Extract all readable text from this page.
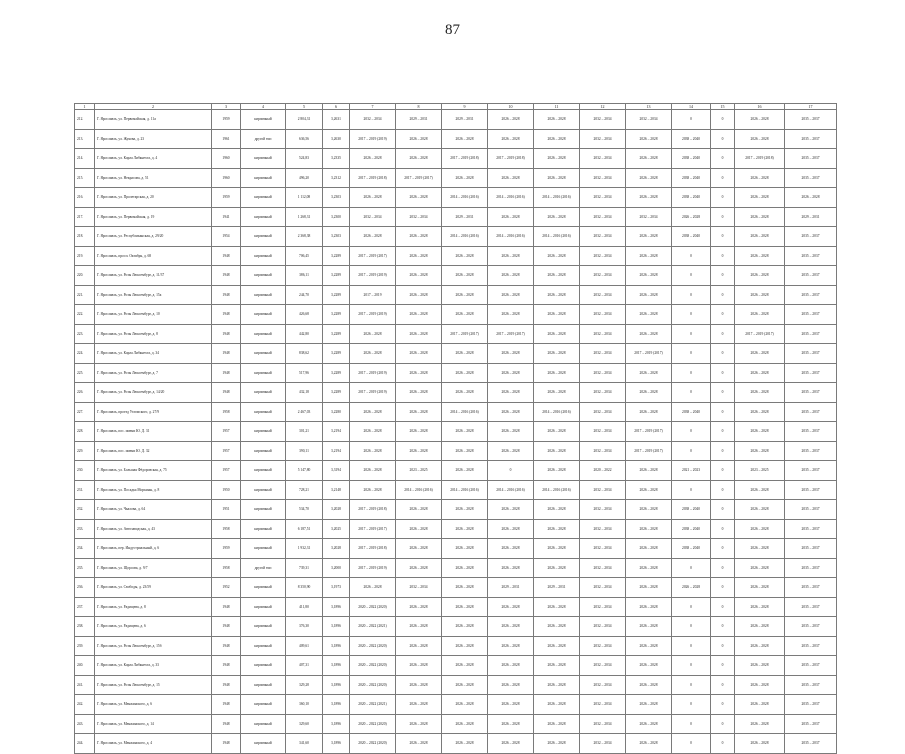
87
1	2	3	4	5	6	7	8	9	10	11	12	13	14	15	16	17
212.	Г. Ярославль, ул. Первомайская, д. 11а	1959	кирпичный	2 804,31	3,2631	2032 – 2034	2029 – 2031	2029 – 2031	2026 – 2028	2026 – 2028	2032 – 2034	2032 – 2034	0	0	2026 – 2028	2035 – 2037
213.	Г. Ярославль, ул. Жукова, д. 23	1961	другой тип	636,56	3,2630	2017 – 2019 (2019)	2026 – 2028	2026 – 2028	2026 – 2028	2026 – 2028	2032 – 2034	2026 – 2028	2038 – 2040	0	2026 – 2028	2035 – 2037
214.	Г. Ярославль, ул. Карла Либкнехта, д. 4	1960	кирпичный	524,83	3,2335	2026 – 2028	2026 – 2028	2017 – 2019 (2018)	2017 – 2019 (2018)	2026 – 2028	2032 – 2034	2026 – 2028	2038 – 2040	0	2017 – 2019 (2018)	2035 – 2037
215.	Г. Ярославль, ул. Некрасова, д. 51	1960	кирпичный	496,20	3,2312	2017 – 2019 (2018)	2017 – 2019 (2017)	2026 – 2028	2026 – 2028	2026 – 2028	2032 – 2034	2026 – 2028	2038 – 2040	0	2026 – 2028	2035 – 2037
216.	Г. Ярославль, ул. Пролетарская, д. 20	1959	кирпичный	1 112,08	3,2303	2026 – 2028	2026 – 2028	2014 – 2016 (2016)	2014 – 2016 (2016)	2014 – 2016 (2016)	2032 – 2034	2026 – 2028	2038 – 2040	0	2026 – 2028	2026 – 2028
217.	Г. Ярославль, ул. Первомайская, д. 19	1941	кирпичный	1 268,31	3,2300	2032 – 2034	2032 – 2034	2029 – 2031	2026 – 2028	2026 – 2028	2032 – 2034	2032 – 2034	2026 – 2028	0	2026 – 2028	2029 – 2031
218.	Г. Ярославль, ул. Республиканская, д. 29/20	1954	кирпичный	2 368,38	3,2303	2026 – 2028	2026 – 2028	2014 – 2016 (2016)	2014 – 2016 (2016)	2014 – 2016 (2016)	2032 – 2034	2026 – 2028	2038 – 2040	0	2026 – 2028	2035 – 2037
219.	Г. Ярославль, просп. Октября, д. 68	1948	кирпичный	706,45	3,2289	2017 – 2019 (2017)	2026 – 2028	2026 – 2028	2026 – 2028	2026 – 2028	2032 – 2034	2026 – 2028	0	0	2026 – 2028	2035 – 2037
220.	Г. Ярославль, ул. Розы Люксембург, д. 11/37	1948	кирпичный	386,11	3,2289	2017 – 2019 (2019)	2026 – 2028	2026 – 2028	2026 – 2028	2026 – 2028	2032 – 2034	2026 – 2028	0	0	2026 – 2028	2035 – 2037
221.	Г. Ярославль, ул. Розы Люксембург, д. 15а	1948	кирпичный	244,70	3,2289	2017 – 2019	2026 – 2028	2026 – 2028	2026 – 2028	2026 – 2028	2032 – 2034	2026 – 2028	0	0	2026 – 2028	2035 – 2037
222.	Г. Ярославль, ул. Розы Люксембург, д. 10	1948	кирпичный	426,68	3,2289	2017 – 2019 (2019)	2026 – 2028	2026 – 2028	2026 – 2028	2026 – 2028	2032 – 2034	2026 – 2028	0	0	2026 – 2028	2035 – 2037
223.	Г. Ярославль, ул. Розы Люксембург, д. 8	1948	кирпичный	442,80	3,2289	2026 – 2028	2026 – 2028	2017 – 2019 (2017)	2017 – 2019 (2017)	2026 – 2028	2032 – 2034	2026 – 2028	0	0	2017 – 2019 (2017)	2035 – 2037
224.	Г. Ярославль, ул. Карла Либкнехта, д. 34	1948	кирпичный	838,62	3,2289	2026 – 2028	2026 – 2028	2026 – 2028	2026 – 2028	2026 – 2028	2032 – 2034	2017 – 2019 (2017)	0	0	2026 – 2028	2035 – 2037
225.	Г. Ярославль, ул. Розы Люксембург, д. 7	1948	кирпичный	517,96	3,2289	2017 – 2019 (2019)	2026 – 2028	2026 – 2028	2026 – 2028	2026 – 2028	2032 – 2034	2026 – 2028	0	0	2026 – 2028	2035 – 2037
226.	Г. Ярославль, ул. Розы Люксембург, д. 14/20	1948	кирпичный	432,18	3,2289	2017 – 2019 (2019)	2026 – 2028	2026 – 2028	2026 – 2028	2026 – 2028	2032 – 2034	2026 – 2028	0	0	2026 – 2028	2035 – 2037
227.	Г. Ярославль, проезд Ухтомского, д. 27/9	1958	кирпичный	2 467,03	3,2280	2026 – 2028	2026 – 2028	2014 – 2016 (2016)	2026 – 2028	2014 – 2016 (2016)	2032 – 2034	2026 – 2028	2038 – 2040	0	2026 – 2028	2035 – 2037
228.	Г. Ярославль, пос. имени Ю. Д. 31	1957	кирпичный	301,21	3,2194	2026 – 2028	2026 – 2028	2026 – 2028	2026 – 2028	2026 – 2028	2032 – 2034	2017 – 2019 (2017)	0	0	2026 – 2028	2035 – 2037
229.	Г. Ярославль, пос. имени Ю. Д. 32	1957	кирпичный	390,11	3,2194	2026 – 2028	2026 – 2028	2026 – 2028	2026 – 2028	2026 – 2028	2032 – 2034	2017 – 2019 (2017)	0	0	2026 – 2028	2035 – 2037
230.	Г. Ярославль, ул. Большая Фёдоровская, д. 75	1957	кирпичный	5 147,80	3,3194	2026 – 2028	2023 – 2025	2026 – 2028	0	2026 – 2028	2020 – 2022	2026 – 2028	2021 – 2023	0	2023 – 2025	2035 – 2037
231.	Г. Ярославль, ул. Посадка Моркины, д. 8	1950	кирпичный	728,21	3,2148	2026 – 2028	2014 – 2016 (2016)	2014 – 2016 (2016)	2014 – 2016 (2016)	2014 – 2016 (2016)	2032 – 2034	2026 – 2028	0	0	2026 – 2028	2035 – 2037
232.	Г. Ярославль, ул. Чкалова, д. 64	1951	кирпичный	534,70	3,2028	2017 – 2019 (2018)	2026 – 2028	2026 – 2028	2026 – 2028	2026 – 2028	2032 – 2034	2026 – 2028	2038 – 2040	0	2026 – 2028	2035 – 2037
233.	Г. Ярославль, ул. Автозаводская, д. 43	1958	кирпичный	6 187,51	3,2025	2017 – 2019 (2017)	2026 – 2028	2026 – 2028	2026 – 2028	2026 – 2028	2032 – 2034	2026 – 2028	2038 – 2040	0	2026 – 2028	2035 – 2037
234.	Г. Ярославль, пер. Индустриальный, д. 6	1959	кирпичный	1 932,31	3,2028	2017 – 2019 (2018)	2026 – 2028	2026 – 2028	2026 – 2028	2026 – 2028	2032 – 2034	2026 – 2028	2038 – 2040	0	2026 – 2028	2035 – 2037
235.	Г. Ярославль, ул. Щорсова, д. 9/7	1958	другой тип	739,31	3,2000	2017 – 2019 (2019)	2026 – 2028	2026 – 2028	2026 – 2028	2026 – 2028	2032 – 2034	2026 – 2028	0	0	2026 – 2028	2035 – 2037
236.	Г. Ярославль, ул. Свободы, д. 23/59	1952	кирпичный	8 350,90	3,1973	2026 – 2028	2032 – 2034	2026 – 2028	2029 – 2031	2029 – 2031	2032 – 2034	2026 – 2028	2026 – 2028	0	2026 – 2028	2035 – 2037
237.	Г. Ярославль, ул. Радищева, д. 8	1948	кирпичный	411,80	3,1896	2020 – 2022 (2020)	2026 – 2028	2026 – 2028	2026 – 2028	2026 – 2028	2032 – 2034	2026 – 2028	0	0	2026 – 2028	2035 – 2037
238.	Г. Ярославль, ул. Радищева, д. 6	1948	кирпичный	376,30	3,1896	2020 – 2022 (2021)	2026 – 2028	2026 – 2028	2026 – 2028	2026 – 2028	2032 – 2034	2026 – 2028	0	0	2026 – 2028	2035 – 2037
239.	Г. Ярославль, ул. Розы Люксембург, д. 15б	1948	кирпичный	409,61	3,1896	2020 – 2022 (2020)	2026 – 2028	2026 – 2028	2026 – 2028	2026 – 2028	2032 – 2034	2026 – 2028	0	0	2026 – 2028	2035 – 2037
240.	Г. Ярославль, ул. Карла Либкнехта, д. 33	1948	кирпичный	407,31	3,1896	2020 – 2022 (2020)	2026 – 2028	2026 – 2028	2026 – 2028	2026 – 2028	2032 – 2034	2026 – 2028	0	0	2026 – 2028	2035 – 2037
241.	Г. Ярославль, ул. Розы Люксембург, д. 15	1948	кирпичный	329,28	3,1896	2020 – 2022 (2020)	2026 – 2028	2026 – 2028	2026 – 2028	2026 – 2028	2032 – 2034	2026 – 2028	0	0	2026 – 2028	2035 – 2037
242.	Г. Ярославль, ул. Менжинского, д. 6	1948	кирпичный	360,10	3,1896	2020 – 2022 (2021)	2026 – 2028	2026 – 2028	2026 – 2028	2026 – 2028	2032 – 2034	2026 – 2028	0	0	2026 – 2028	2035 – 2037
243.	Г. Ярославль, ул. Менжинского, д. 14	1948	кирпичный	329,60	3,1896	2020 – 2022 (2020)	2026 – 2028	2026 – 2028	2026 – 2028	2026 – 2028	2032 – 2034	2026 – 2028	0	0	2026 – 2028	2035 – 2037
244.	Г. Ярославль, ул. Менжинского, д. 4	1948	кирпичный	341,60	3,1896	2020 – 2022 (2020)	2026 – 2028	2026 – 2028	2026 – 2028	2026 – 2028	2032 – 2034	2026 – 2028	0	0	2026 – 2028	2035 – 2037
